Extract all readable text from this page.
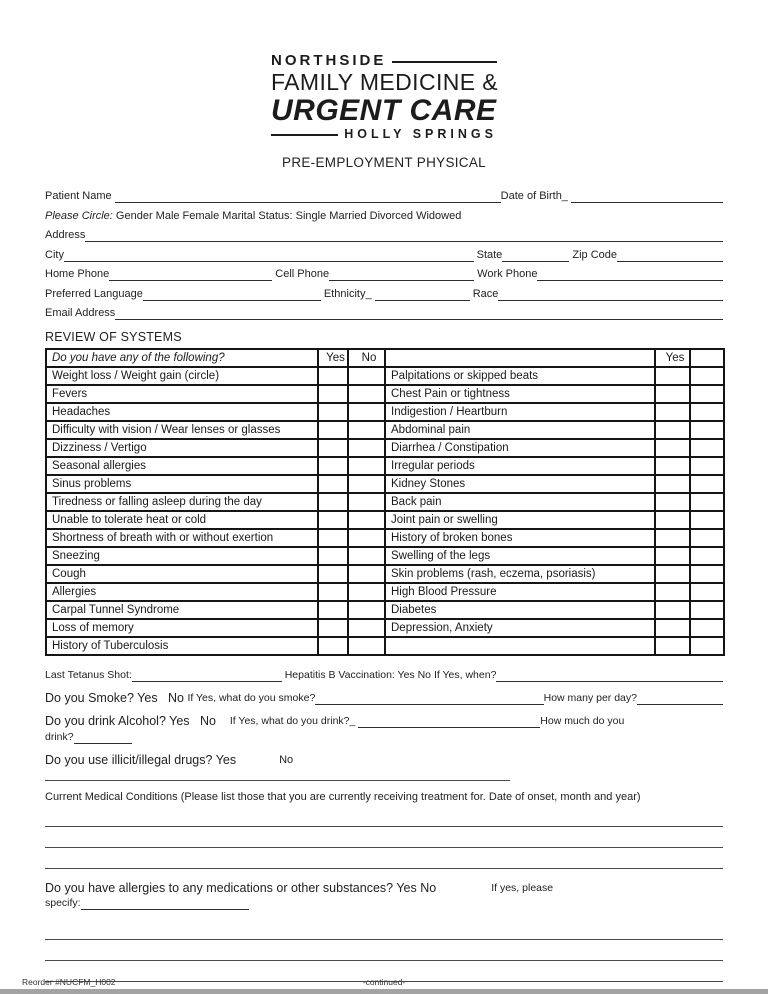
NORTHSIDE
FAMILY MEDICINE &
URGENT CARE
HOLLY SPRINGS
PRE-EMPLOYMENT PHYSICAL
Patient Name	Date of Birth_
Please Circle: Gender Male Female Marital Status: Single Married Divorced Widowed
Address
City	State	Zip Code
Home Phone	Cell Phone	Work Phone
Preferred Language	Ethnicity_	Race
Email Address
REVIEW OF SYSTEMS
Do you have any of the following?	Yes	No		Yes	
Weight loss / Weight gain (circle)			Palpitations or skipped beats		
Fevers			Chest Pain or tightness		
Headaches			Indigestion / Heartburn		
Difficulty with vision / Wear lenses or glasses			Abdominal pain		
Dizziness / Vertigo			Diarrhea / Constipation		
Seasonal allergies			Irregular periods		
Sinus problems			Kidney Stones		
Tiredness or falling asleep during the day			Back pain		
Unable to tolerate heat or cold			Joint pain or swelling		
Shortness of breath with or without exertion			History of broken bones		
Sneezing			Swelling of the legs		
Cough			Skin problems (rash, eczema, psoriasis)		
Allergies			High Blood Pressure		
Carpal Tunnel Syndrome			Diabetes		
Loss of memory			Depression, Anxiety		
History of Tuberculosis					
Last Tetanus Shot:	Hepatitis B Vaccination: Yes No If Yes, when?
Do you Smoke? Yes   No If Yes, what do you smoke?	How many per day?
Do you drink Alcohol? Yes   No If Yes, what do you drink?_	How much do you
drink?
Do you use illicit/illegal drugs? Yes	No
Current Medical Conditions (Please list those that you are currently receiving treatment for. Date of onset, month and year)
Do you have allergies to any medications or other substances? Yes No	If yes, please
specify:
Reorder #NUCFM_H002	-continued-
